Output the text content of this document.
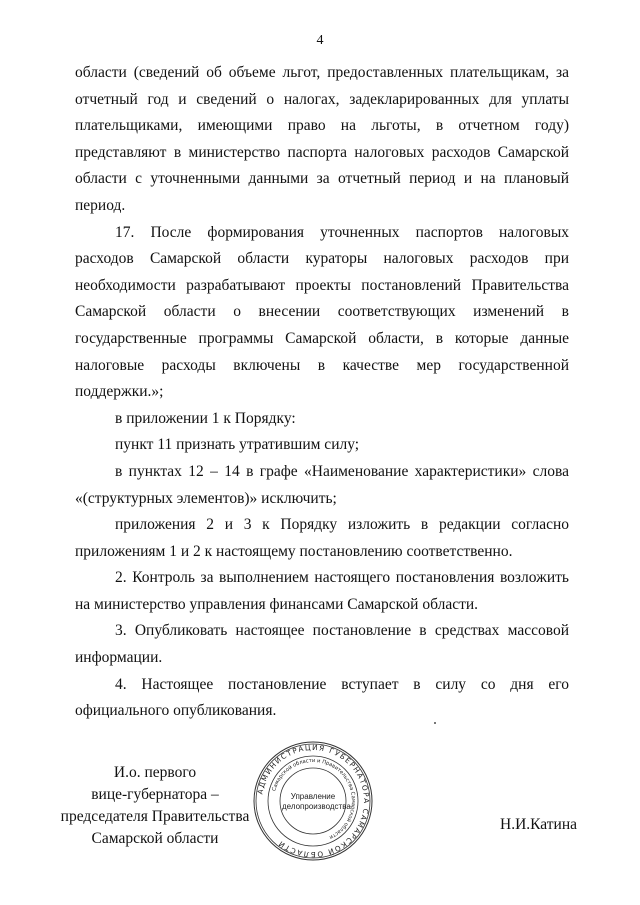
4

области (сведений об объеме льгот, предоставленных плательщикам, за отчетный год и сведений о налогах, задекларированных для уплаты плательщиками, имеющими право на льготы, в отчетном году) представляют в министерство паспорта налоговых расходов Самарской области с уточненными данными за отчетный период и на плановый период.

17. После формирования уточненных паспортов налоговых расходов Самарской области кураторы налоговых расходов при необходимости разрабатывают проекты постановлений Правительства Самарской области о внесении соответствующих изменений в государственные программы Самарской области, в которые данные налоговые расходы включены в качестве мер государственной поддержки.»;

в приложении 1 к Порядку:

пункт 11 признать утратившим силу;

в пунктах 12 – 14 в графе «Наименование характеристики» слова «(структурных элементов)» исключить;

приложения 2 и 3 к Порядку изложить в редакции согласно приложениям 1 и 2 к настоящему постановлению соответственно.

2. Контроль за выполнением настоящего постановления возложить на министерство управления финансами Самарской области.

3. Опубликовать настоящее постановление в средствах массовой информации.

4. Настоящее постановление вступает в силу со дня его официального опубликования.

И.о. первого
вице-губернатора –
председателя Правительства
Самарской области
АДМИНИСТРАЦИЯ ГУБЕРНАТОРА САМАРСКОЙ ОБЛАСТИ
Самарской области и Правительства Самарской области
Управление
делопроизводства
Н.И.Катина
